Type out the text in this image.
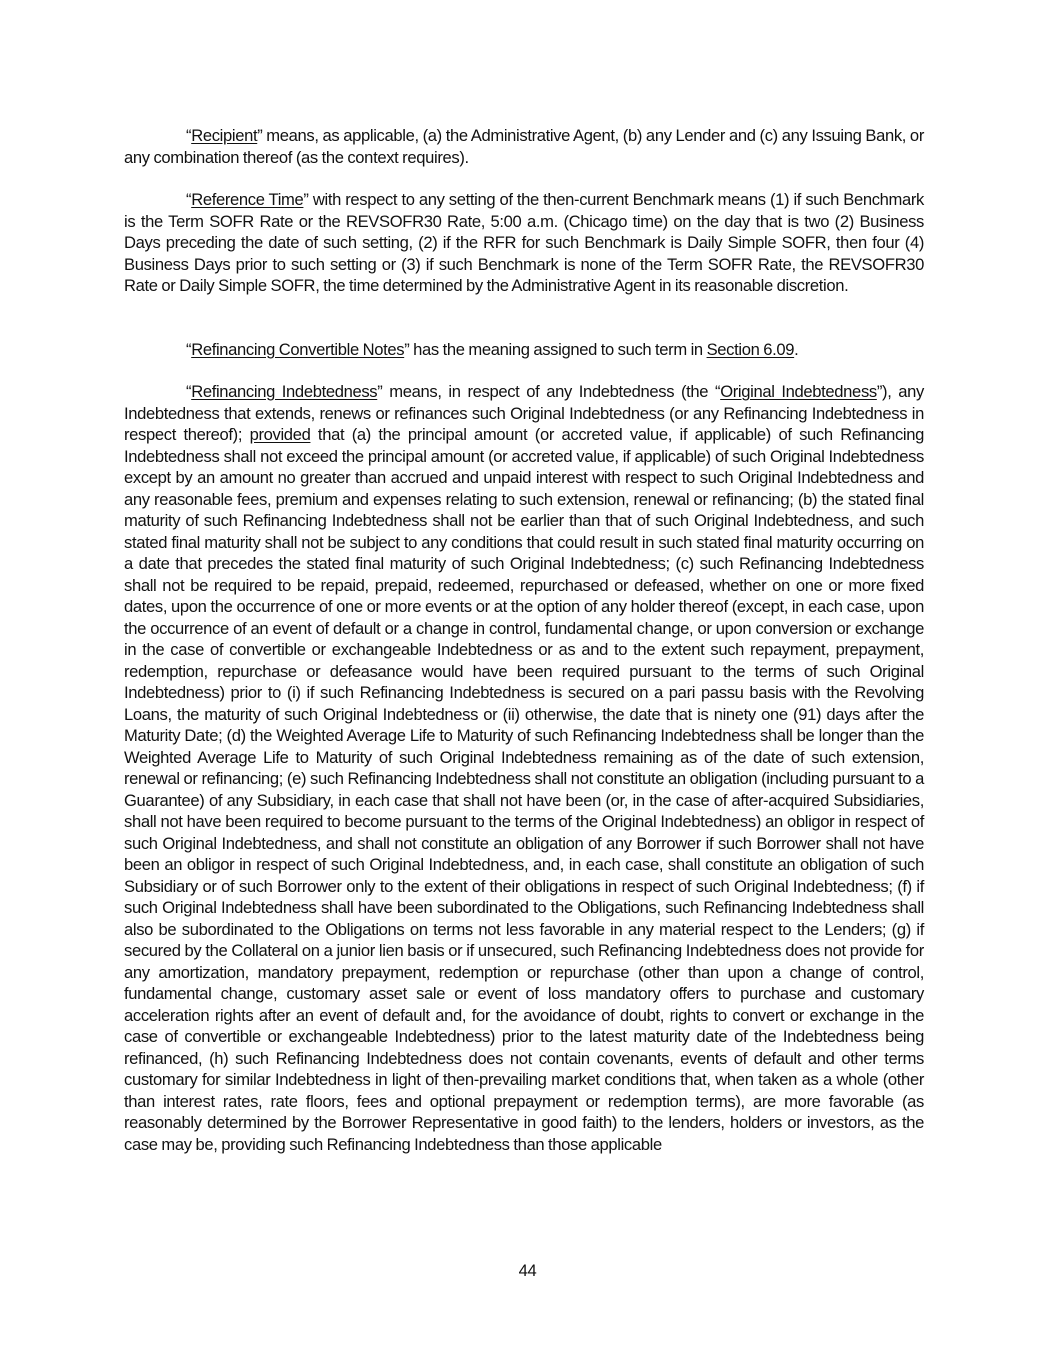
“Recipient” means, as applicable, (a) the Administrative Agent, (b) any Lender and (c) any Issuing Bank, or any combination thereof (as the context requires).

“Reference Time” with respect to any setting of the then-current Benchmark means (1) if such Benchmark is the Term SOFR Rate or the REVSOFR30 Rate, 5:00 a.m. (Chicago time) on the day that is two (2) Business Days preceding the date of such setting, (2) if the RFR for such Benchmark is Daily Simple SOFR, then four (4) Business Days prior to such setting or (3) if such Benchmark is none of the Term SOFR Rate, the REVSOFR30 Rate or Daily Simple SOFR, the time determined by the Administrative Agent in its reasonable discretion.

“Refinancing Convertible Notes” has the meaning assigned to such term in Section 6.09.

“Refinancing Indebtedness” means, in respect of any Indebtedness (the “Original Indebtedness”), any Indebtedness that extends, renews or refinances such Original Indebtedness (or any Refinancing Indebtedness in respect thereof); provided that (a) the principal amount (or accreted value, if applicable) of such Refinancing Indebtedness shall not exceed the principal amount (or accreted value, if applicable) of such Original Indebtedness except by an amount no greater than accrued and unpaid interest with respect to such Original Indebtedness and any reasonable fees, premium and expenses relating to such extension, renewal or refinancing; (b) the stated final maturity of such Refinancing Indebtedness shall not be earlier than that of such Original Indebtedness, and such stated final maturity shall not be subject to any conditions that could result in such stated final maturity occurring on a date that precedes the stated final maturity of such Original Indebtedness; (c) such Refinancing Indebtedness shall not be required to be repaid, prepaid, redeemed, repurchased or defeased, whether on one or more fixed dates, upon the occurrence of one or more events or at the option of any holder thereof (except, in each case, upon the occurrence of an event of default or a change in control, fundamental change, or upon conversion or exchange in the case of convertible or exchangeable Indebtedness or as and to the extent such repayment, prepayment, redemption, repurchase or defeasance would have been required pursuant to the terms of such Original Indebtedness) prior to (i) if such Refinancing Indebtedness is secured on a pari passu basis with the Revolving Loans, the maturity of such Original Indebtedness or (ii) otherwise, the date that is ninety one (91) days after the Maturity Date; (d) the Weighted Average Life to Maturity of such Refinancing Indebtedness shall be longer than the Weighted Average Life to Maturity of such Original Indebtedness remaining as of the date of such extension, renewal or refinancing; (e) such Refinancing Indebtedness shall not constitute an obligation (including pursuant to a Guarantee) of any Subsidiary, in each case that shall not have been (or, in the case of after-acquired Subsidiaries, shall not have been required to become pursuant to the terms of the Original Indebtedness) an obligor in respect of such Original Indebtedness, and shall not constitute an obligation of any Borrower if such Borrower shall not have been an obligor in respect of such Original Indebtedness, and, in each case, shall constitute an obligation of such Subsidiary or of such Borrower only to the extent of their obligations in respect of such Original Indebtedness; (f) if such Original Indebtedness shall have been subordinated to the Obligations, such Refinancing Indebtedness shall also be subordinated to the Obligations on terms not less favorable in any material respect to the Lenders; (g) if secured by the Collateral on a junior lien basis or if unsecured, such Refinancing Indebtedness does not provide for any amortization, mandatory prepayment, redemption or repurchase (other than upon a change of control, fundamental change, customary asset sale or event of loss mandatory offers to purchase and customary acceleration rights after an event of default and, for the avoidance of doubt, rights to convert or exchange in the case of convertible or exchangeable Indebtedness) prior to the latest maturity date of the Indebtedness being refinanced, (h) such Refinancing Indebtedness does not contain covenants, events of default and other terms customary for similar Indebtedness in light of then-prevailing market conditions that, when taken as a whole (other than interest rates, rate floors, fees and optional prepayment or redemption terms), are more favorable (as reasonably determined by the Borrower Representative in good faith) to the lenders, holders or investors, as the case may be, providing such Refinancing Indebtedness than those applicable

44
